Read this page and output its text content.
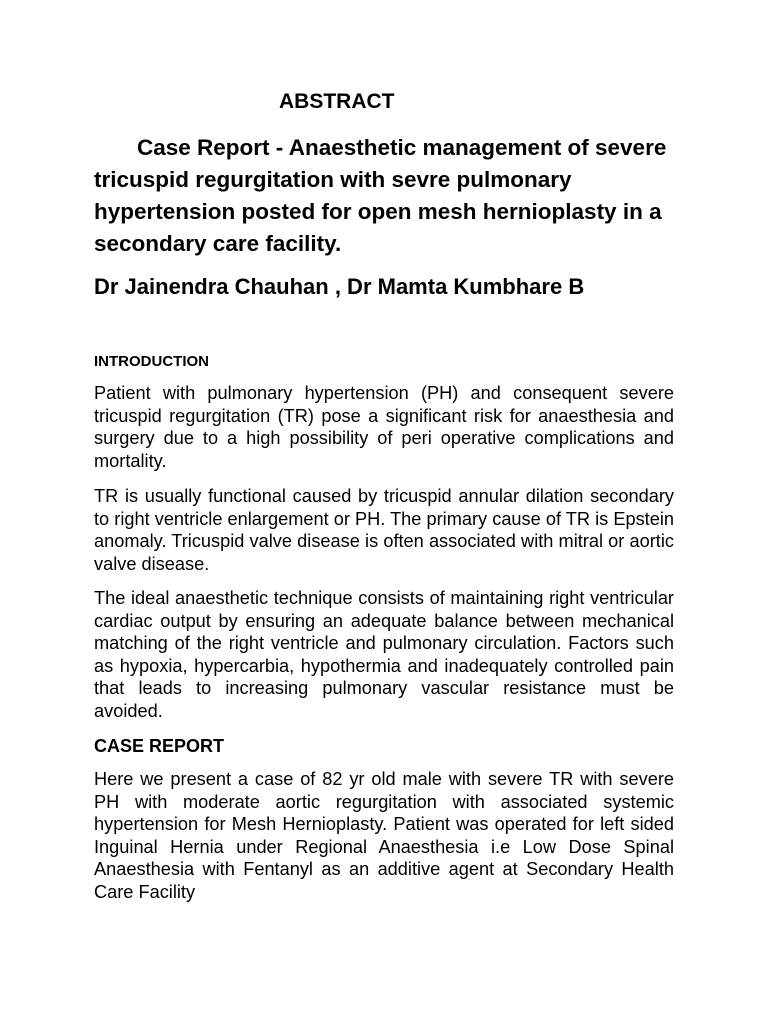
ABSTRACT
Case Report - Anaesthetic management of severe tricuspid regurgitation with sevre pulmonary hypertension posted for open mesh hernioplasty in a secondary care facility.
Dr Jainendra Chauhan , Dr Mamta Kumbhare B
INTRODUCTION

Patient with pulmonary hypertension (PH) and consequent severe tricuspid regurgitation (TR) pose a significant risk for anaesthesia and surgery due to a high possibility of peri operative complications and mortality.

TR is usually functional caused by tricuspid annular dilation secondary to right ventricle enlargement or PH. The primary cause of TR is Epstein anomaly. Tricuspid valve disease is often associated with mitral or aortic valve disease.

The ideal anaesthetic technique consists of maintaining right ventricular cardiac output by ensuring an adequate balance between mechanical matching of the right ventricle and pulmonary circulation. Factors such as hypoxia, hypercarbia, hypothermia and inadequately controlled pain that leads to increasing pulmonary vascular resistance must be avoided.

CASE REPORT

Here we present a case of 82 yr old male with severe TR with severe PH with moderate aortic regurgitation with associated systemic hypertension for Mesh Hernioplasty. Patient was operated for left sided Inguinal Hernia under Regional Anaesthesia i.e Low Dose Spinal Anaesthesia with Fentanyl as an additive agent at Secondary Health Care Facility
